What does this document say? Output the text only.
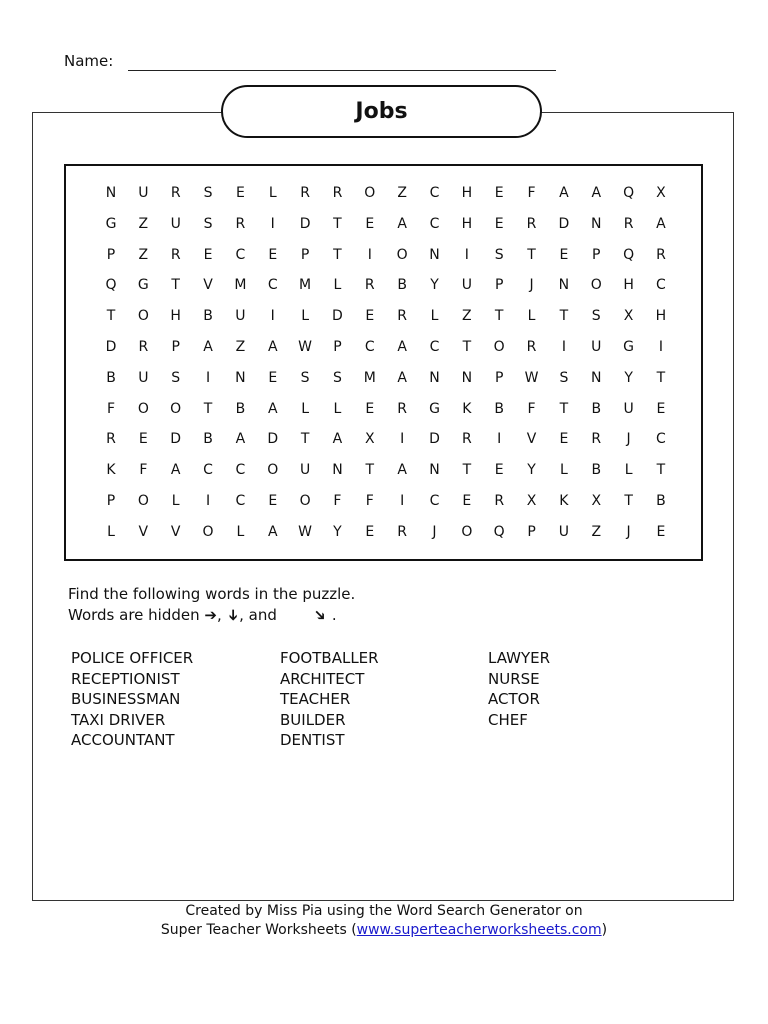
Name:
Jobs
N	U	R	S	E	L	R	R	O	Z	C	H	E	F	A	A	Q	X
G	Z	U	S	R	I	D	T	E	A	C	H	E	R	D	N	R	A
P	Z	R	E	C	E	P	T	I	O	N	I	S	T	E	P	Q	R
Q	G	T	V	M	C	M	L	R	B	Y	U	P	J	N	O	H	C
T	O	H	B	U	I	L	D	E	R	L	Z	T	L	T	S	X	H
D	R	P	A	Z	A	W	P	C	A	C	T	O	R	I	U	G	I
B	U	S	I	N	E	S	S	M	A	N	N	P	W	S	N	Y	T
F	O	O	T	B	A	L	L	E	R	G	K	B	F	T	B	U	E
R	E	D	B	A	D	T	A	X	I	D	R	I	V	E	R	J	C
K	F	A	C	C	O	U	N	T	A	N	T	E	Y	L	B	L	T
P	O	L	I	C	E	O	F	F	I	C	E	R	X	K	X	T	B
L	V	V	O	L	A	W	Y	E	R	J	O	Q	P	U	Z	J	E
Find the following words in the puzzle.
Words are hidden ➔, ➔, and ➔ .
POLICE OFFICER
RECEPTIONIST
BUSINESSMAN
TAXI DRIVER
ACCOUNTANT
FOOTBALLER
ARCHITECT
TEACHER
BUILDER
DENTIST
LAWYER
NURSE
ACTOR
CHEF
Created by Miss Pia using the Word Search Generator on
Super Teacher Worksheets (www.superteacherworksheets.com)
